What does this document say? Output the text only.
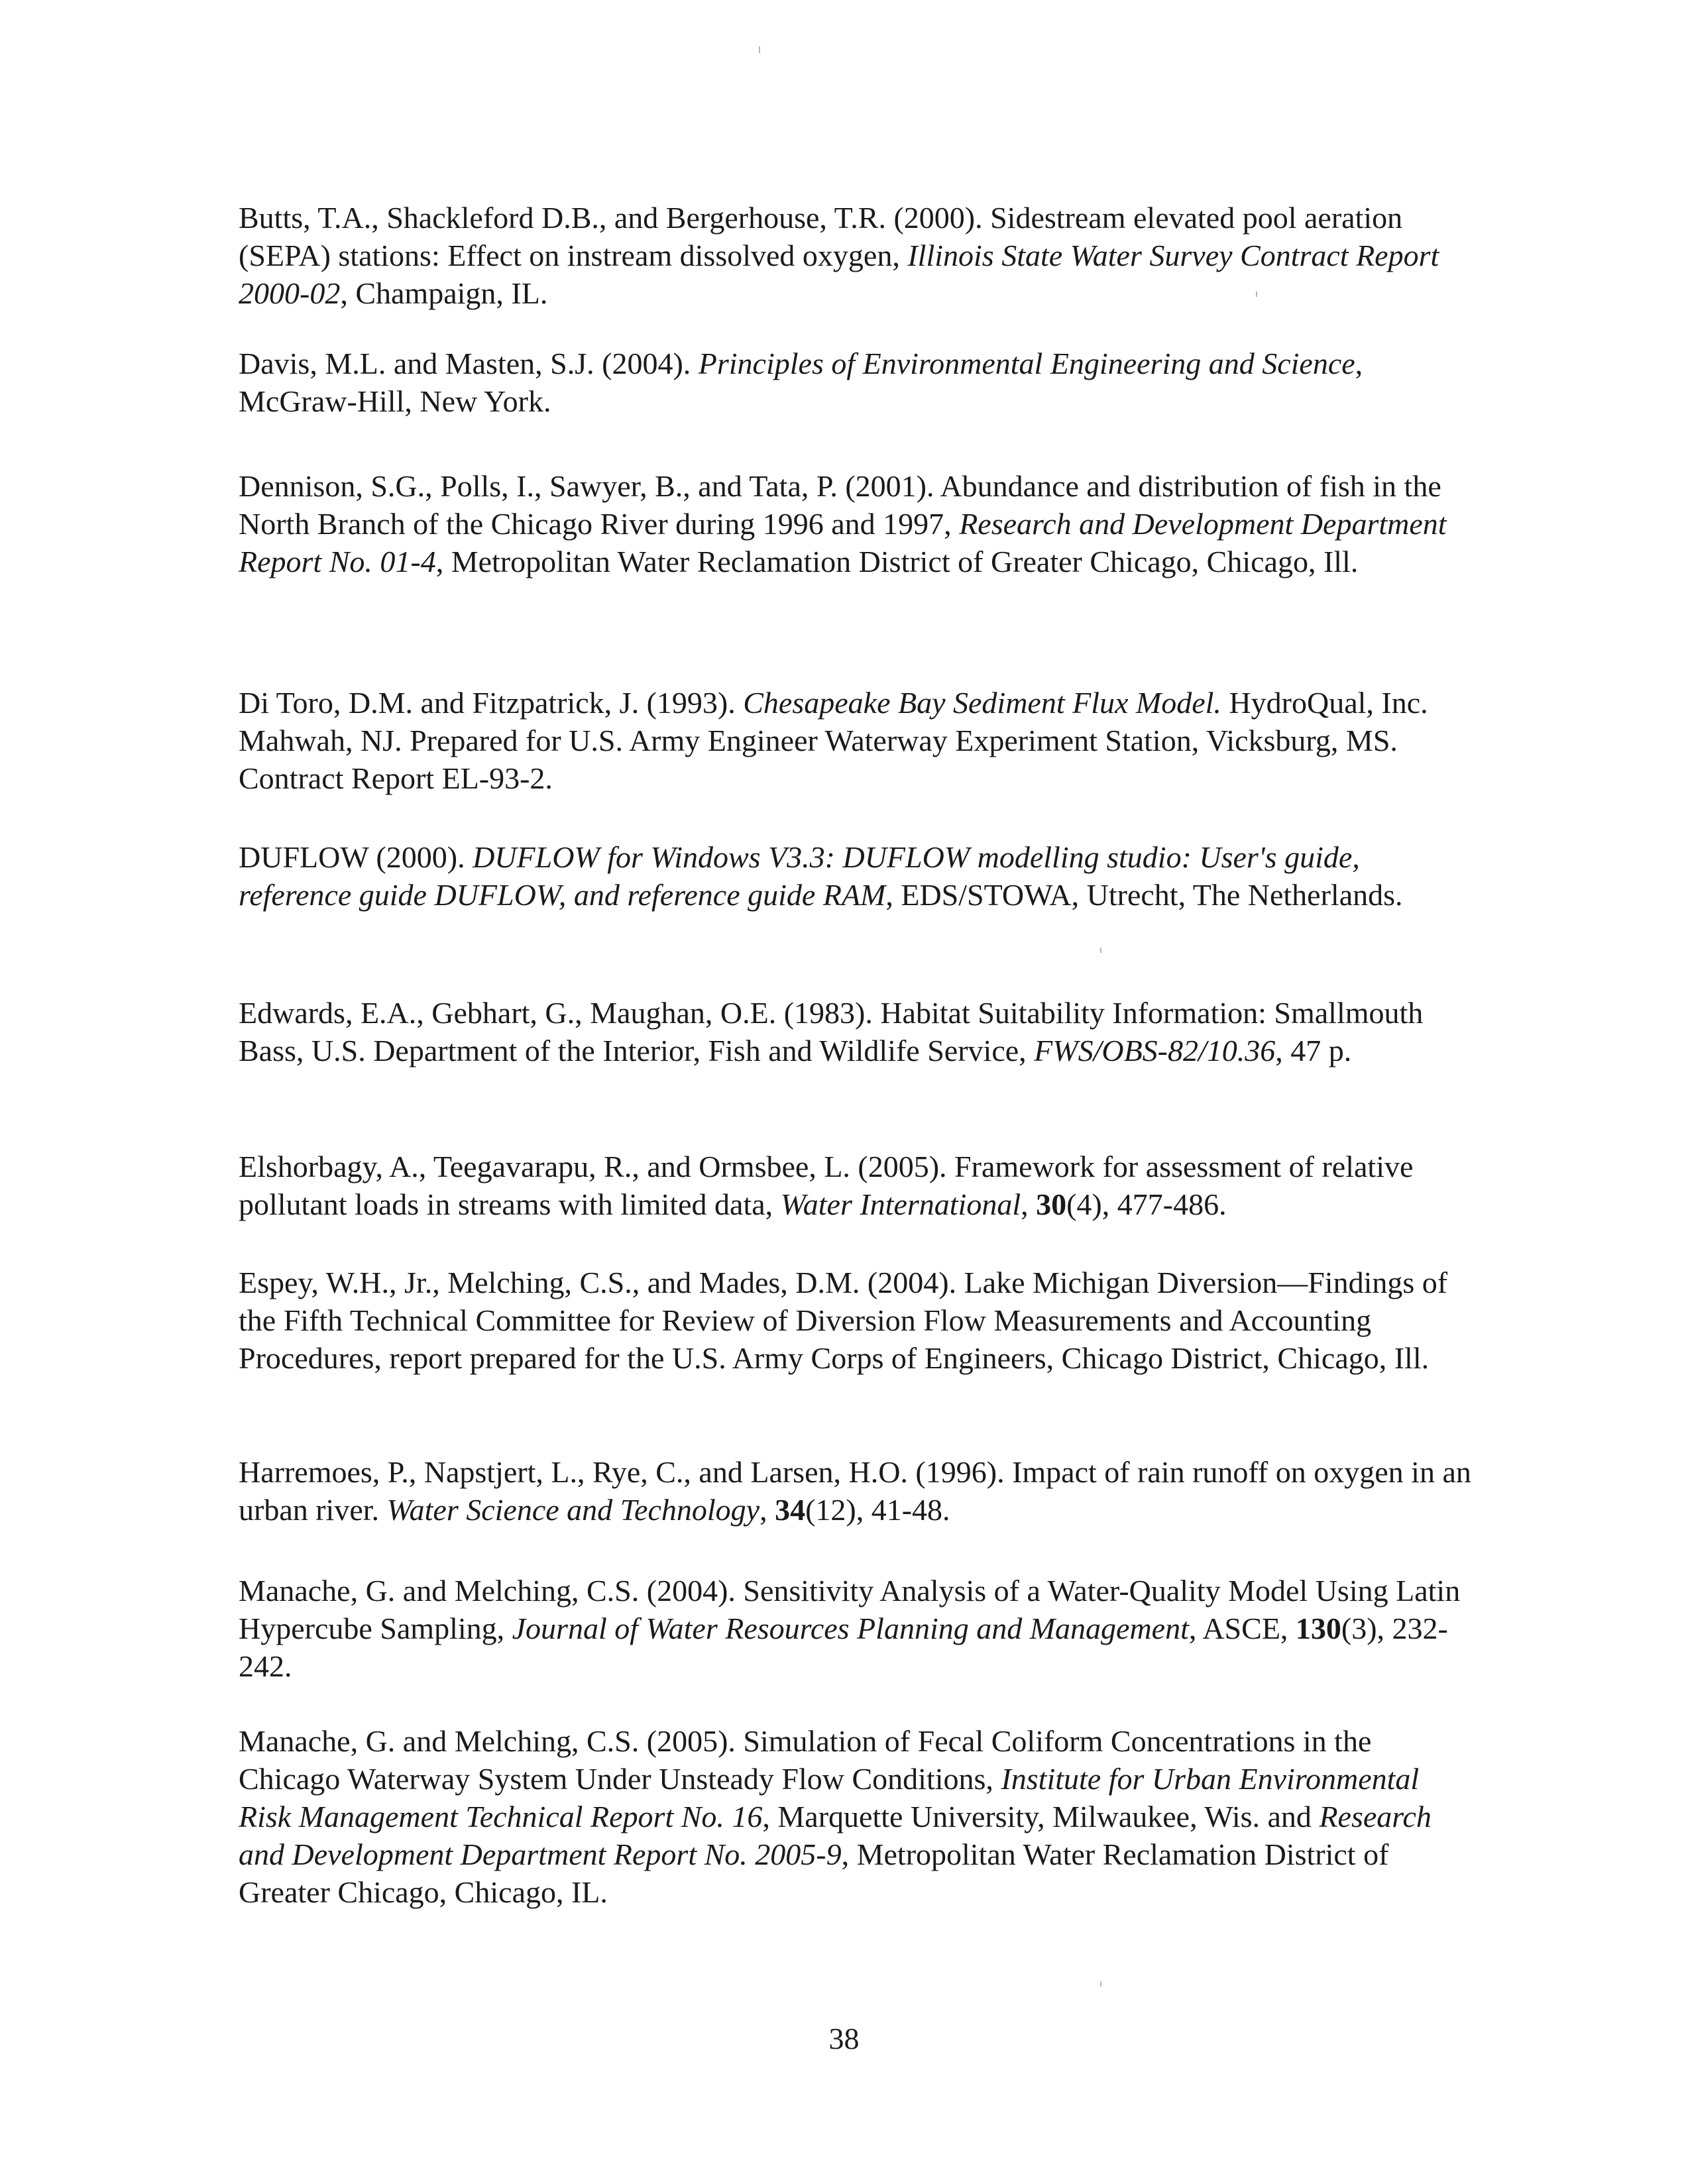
Butts, T.A., Shackleford D.B., and Bergerhouse, T.R. (2000). Sidestream elevated pool aeration (SEPA) stations: Effect on instream dissolved oxygen, Illinois State Water Survey Contract Report 2000-02, Champaign, IL.

Davis, M.L. and Masten, S.J. (2004). Principles of Environmental Engineering and Science, McGraw-Hill, New York.

Dennison, S.G., Polls, I., Sawyer, B., and Tata, P. (2001). Abundance and distribution of fish in the North Branch of the Chicago River during 1996 and 1997, Research and Development Department Report No. 01-4, Metropolitan Water Reclamation District of Greater Chicago, Chicago, Ill.

Di Toro, D.M. and Fitzpatrick, J. (1993). Chesapeake Bay Sediment Flux Model. HydroQual, Inc. Mahwah, NJ. Prepared for U.S. Army Engineer Waterway Experiment Station, Vicksburg, MS. Contract Report EL-93-2.

DUFLOW (2000). DUFLOW for Windows V3.3: DUFLOW modelling studio: User's guide, reference guide DUFLOW, and reference guide RAM, EDS/STOWA, Utrecht, The Netherlands.

Edwards, E.A., Gebhart, G., Maughan, O.E. (1983). Habitat Suitability Information: Smallmouth Bass, U.S. Department of the Interior, Fish and Wildlife Service, FWS/OBS-82/10.36, 47 p.

Elshorbagy, A., Teegavarapu, R., and Ormsbee, L. (2005). Framework for assessment of relative pollutant loads in streams with limited data, Water International, 30(4), 477-486.

Espey, W.H., Jr., Melching, C.S., and Mades, D.M. (2004). Lake Michigan Diversion—Findings of the Fifth Technical Committee for Review of Diversion Flow Measurements and Accounting Procedures, report prepared for the U.S. Army Corps of Engineers, Chicago District, Chicago, Ill.

Harremoes, P., Napstjert, L., Rye, C., and Larsen, H.O. (1996). Impact of rain runoff on oxygen in an urban river. Water Science and Technology, 34(12), 41-48.

Manache, G. and Melching, C.S. (2004). Sensitivity Analysis of a Water-Quality Model Using Latin Hypercube Sampling, Journal of Water Resources Planning and Management, ASCE, 130(3), 232-242.

Manache, G. and Melching, C.S. (2005). Simulation of Fecal Coliform Concentrations in the Chicago Waterway System Under Unsteady Flow Conditions, Institute for Urban Environmental Risk Management Technical Report No. 16, Marquette University, Milwaukee, Wis. and Research and Development Department Report No. 2005-9, Metropolitan Water Reclamation District of Greater Chicago, Chicago, IL.

38
